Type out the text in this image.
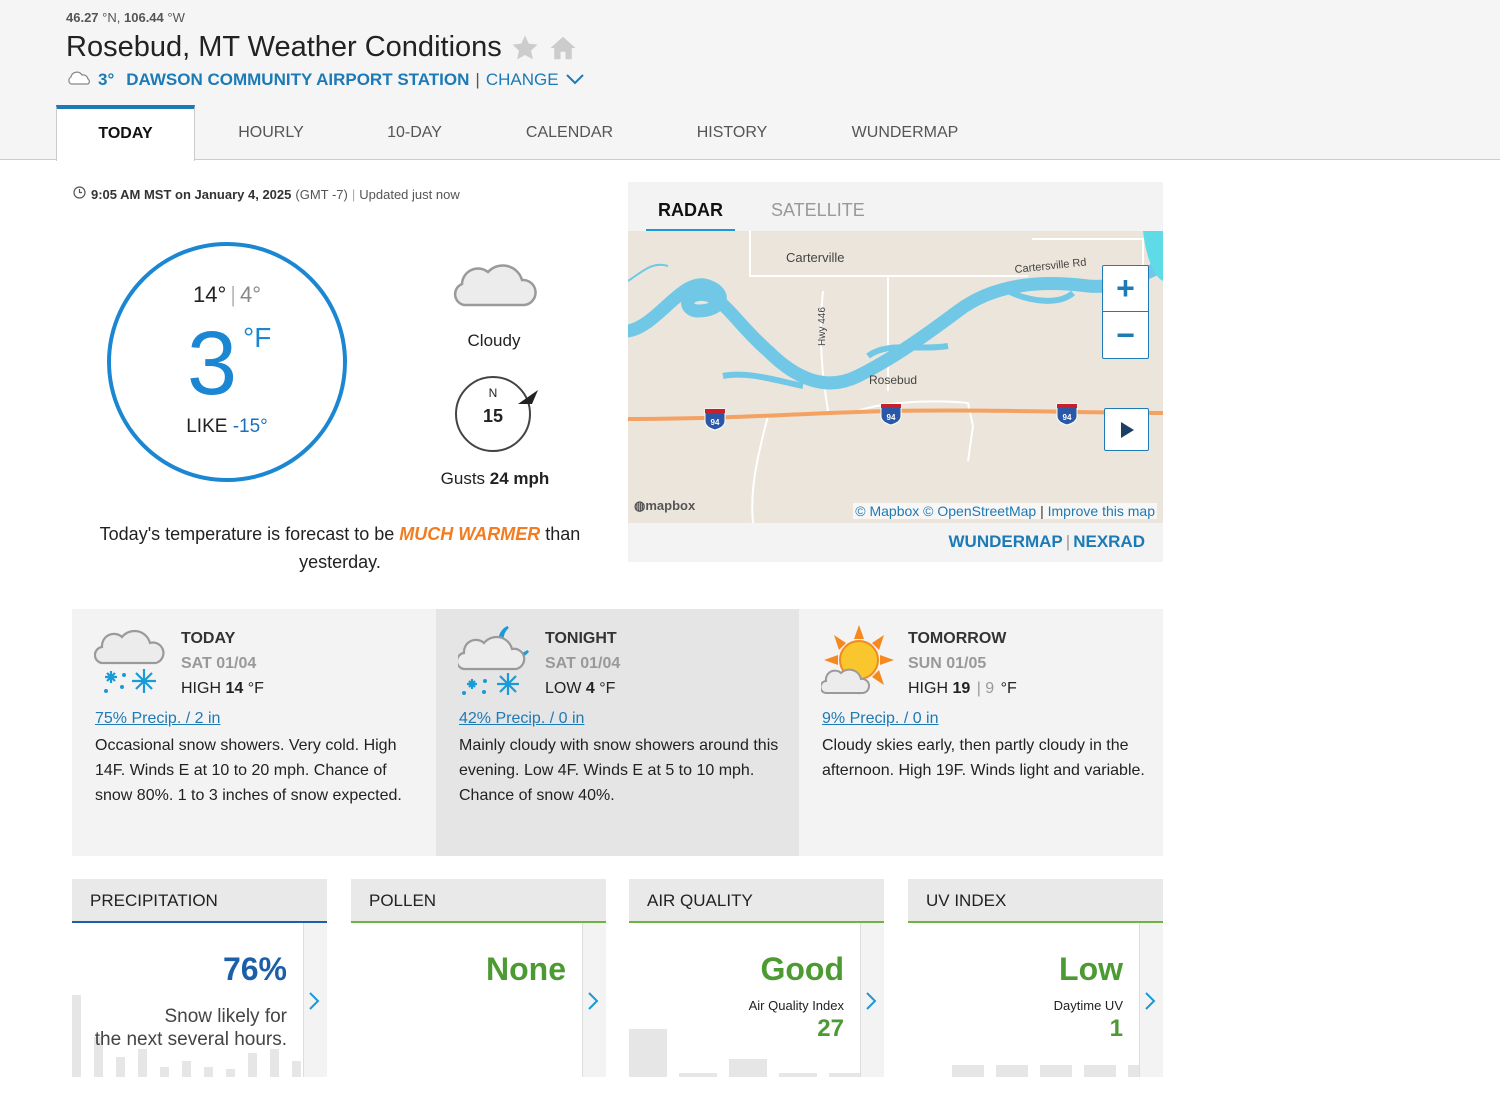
46.27 °N, 106.44 °W
Rosebud, MT Weather Conditions
3° DAWSON COMMUNITY AIRPORT STATION | CHANGE
TODAY	HOURLY	10-DAY	CALENDAR	HISTORY	WUNDERMAP
9:05 AM MST on January 4, 2025 (GMT -7) | Updated just now
14° | 4°
3 °F
LIKE -15°
Cloudy
N
15
Gusts 24 mph
Today's temperature is forecast to be MUCH WARMER than yesterday.
RADAR	SATELLITE
94
94	94
Carterville	Cartersville Rd
Rosebud
Hwy 446
+
−
◍mapbox	© Mapbox © OpenStreetMap | Improve this map
WUNDERMAP | NEXRAD
TODAY
SAT 01/04
HIGH 14 °F
75% Precip. / 2 in
Occasional snow showers. Very cold. High 14F. Winds E at 10 to 20 mph. Chance of snow 80%. 1 to 3 inches of snow expected.
TONIGHT
SAT 01/04
LOW 4 °F
42% Precip. / 0 in
Mainly cloudy with snow showers around this evening. Low 4F. Winds E at 5 to 10 mph. Chance of snow 40%.
TOMORROW
SUN 01/05
HIGH 19 | 9 °F
9% Precip. / 0 in
Cloudy skies early, then partly cloudy in the afternoon. High 19F. Winds light and variable.
PRECIPITATION
76%
Snow likely for
the next several hours.
POLLEN
None
AIR QUALITY
Good
Air Quality Index
27
UV INDEX
Low
Daytime UV
1
